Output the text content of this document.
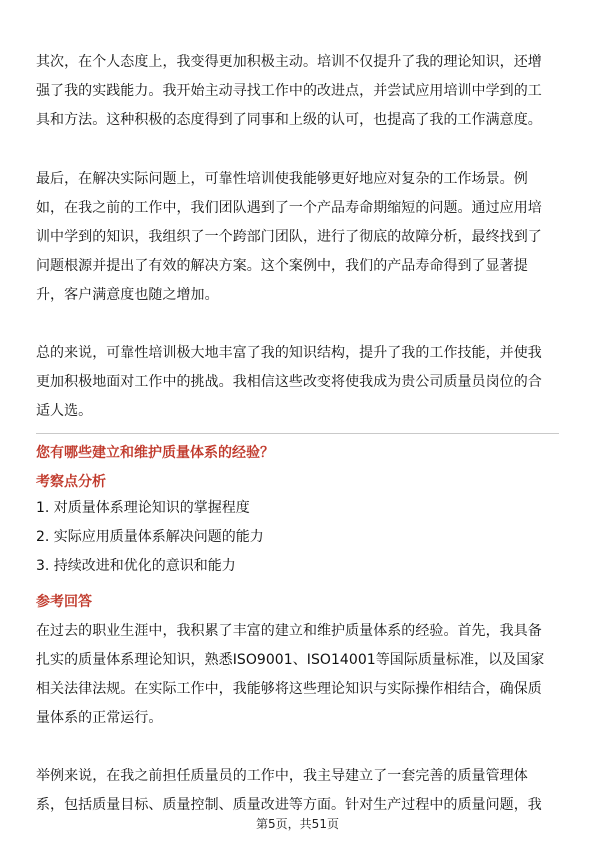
其次，在个人态度上，我变得更加积极主动。培训不仅提升了我的理论知识，还增
强了我的实践能力。我开始主动寻找工作中的改进点，并尝试应用培训中学到的工
具和方法。这种积极的态度得到了同事和上级的认可，也提高了我的工作满意度。
最后，在解决实际问题上，可靠性培训使我能够更好地应对复杂的工作场景。例
如，在我之前的工作中，我们团队遇到了一个产品寿命期缩短的问题。通过应用培
训中学到的知识，我组织了一个跨部门团队，进行了彻底的故障分析，最终找到了
问题根源并提出了有效的解决方案。这个案例中，我们的产品寿命得到了显著提
升，客户满意度也随之增加。
总的来说，可靠性培训极大地丰富了我的知识结构，提升了我的工作技能，并使我
更加积极地面对工作中的挑战。我相信这些改变将使我成为贵公司质量员岗位的合
适人选。
您有哪些建立和维护质量体系的经验？
考察点分析
1. 对质量体系理论知识的掌握程度
2. 实际应用质量体系解决问题的能力
3. 持续改进和优化的意识和能力
参考回答
在过去的职业生涯中，我积累了丰富的建立和维护质量体系的经验。首先，我具备
扎实的质量体系理论知识，熟悉ISO9001、ISO14001等国际质量标准，以及国家
相关法律法规。在实际工作中，我能够将这些理论知识与实际操作相结合，确保质
量体系的正常运行。
举例来说，在我之前担任质量员的工作中，我主导建立了一套完善的质量管理体
系，包括质量目标、质量控制、质量改进等方面。针对生产过程中的质量问题，我
第5页，共51页
